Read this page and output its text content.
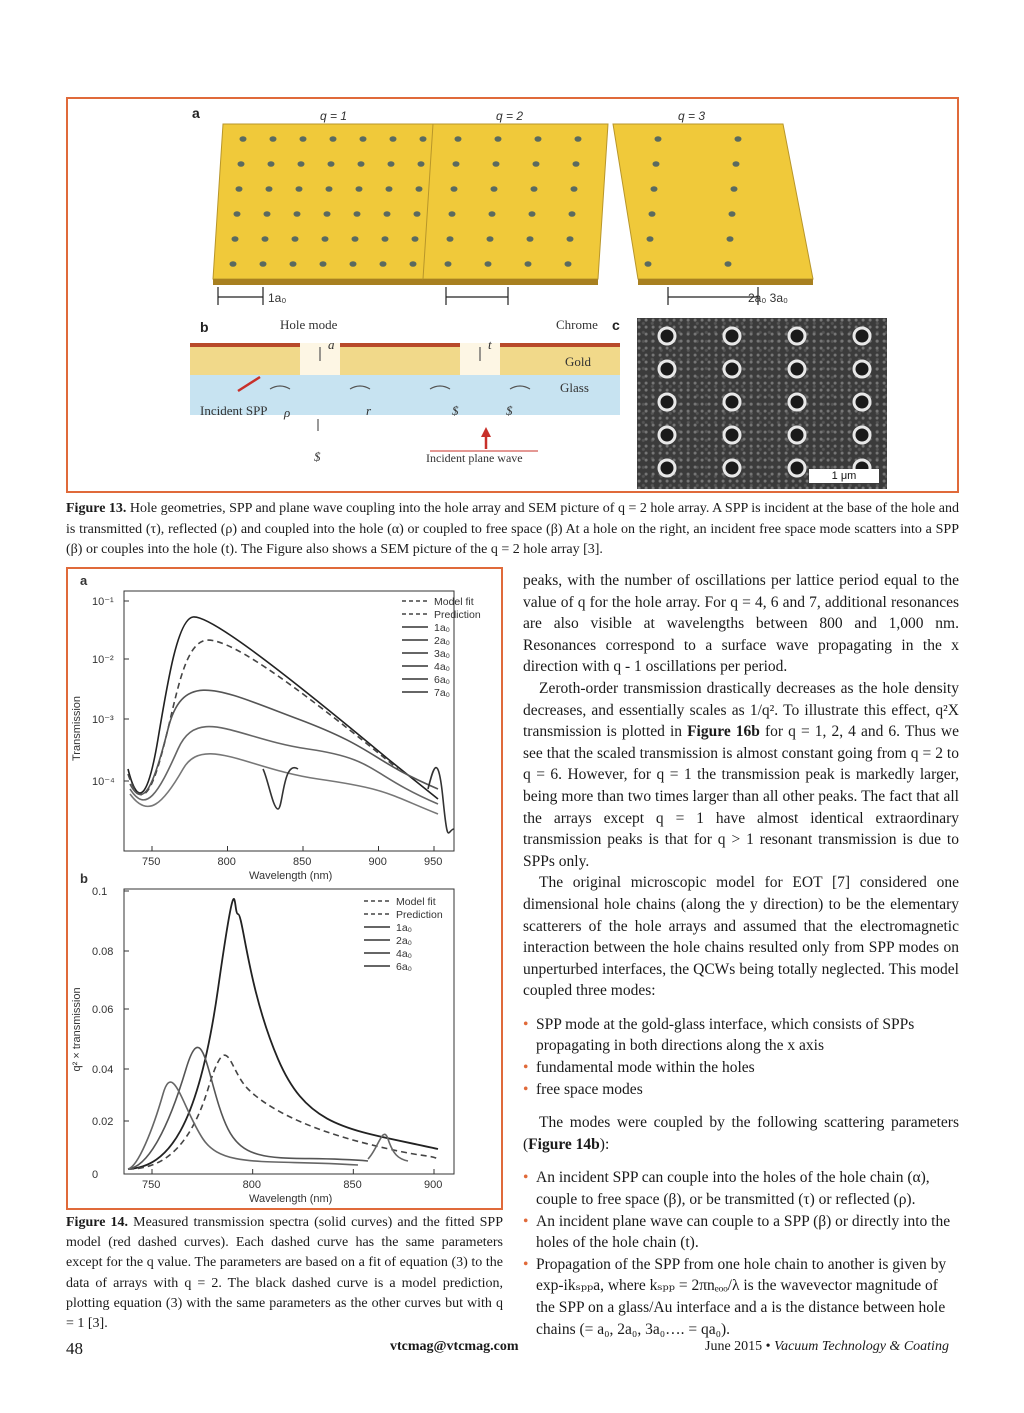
a	q = 1	q = 2	q = 3
1a₀	2a₀ 3a₀
b	Hole mode	Chrome c
Gold
Glass
Incident SPP
Incident plane wave
a	t
ρ	r
$
$	$
1 μm
Figure 13. Hole geometries, SPP and plane wave coupling into the hole array and SEM picture of q = 2 hole array. A SPP is incident at the base of the hole and is transmitted (τ), reflected (ρ) and coupled into the hole (α) or coupled to free space (β) At a hole on the right, an incident free space mode scatters into a SPP (β) or couples into the hole (t). The Figure also shows a SEM picture of the q = 2 hole array [3].
a
750	800	850	900	950
10⁻¹
10⁻²
10⁻³
10⁻⁴
Wavelength (nm)
Transmission
Model fit
Prediction
1a₀
2a₀
3a₀
4a₀
6a₀
7a₀
b
750	800	850	900
0.1
0.08
0.06
0.04
0.02
0
Wavelength (nm)
q² × transmission
Model fit
Prediction
1a₀
2a₀
4a₀
6a₀
Figure 14. Measured transmission spectra (solid curves) and the fitted SPP model (red dashed curves). Each dashed curve has the same parameters except for the q value. The parameters are based on a fit of equation (3) to the data of arrays with q = 2. The black dashed curve is a model prediction, plotting equation (3) with the same parameters as the other curves but with q = 1 [3].

peaks, with the number of oscillations per lattice period equal to the value of q for the hole array. For q = 4, 6 and 7, additional resonances are also visible at wavelengths between 800 and 1,000 nm. Resonances correspond to a surface wave propagating in the x direction with q - 1 oscillations per period.

Zeroth-order transmission drastically decreases as the hole density decreases, and essentially scales as 1/q². To illustrate this effect, q²X transmission is plotted in Figure 16b for q = 1, 2, 4 and 6. Thus we see that the scaled transmission is almost constant going from q = 2 to q = 6. However, for q = 1 the transmission peak is markedly larger, being more than two times larger than all other peaks. The fact that all the arrays except q = 1 have almost identical extraordinary transmission peaks is that for q > 1 resonant transmission is due to SPPs only.

The original microscopic model for EOT [7] considered one dimensional hole chains (along the y direction) to be the elementary scatterers of the hole arrays and assumed that the electromagnetic interaction between the hole chains resulted only from SPP modes on unperturbed interfaces, the QCWs being totally neglected. This model coupled three modes:

• SPP mode at the gold-glass interface, which consists of SPPs propagating in both directions along the x axis
• fundamental mode within the holes
• free space modes

The modes were coupled by the following scattering parameters (Figure 14b):

• An incident SPP can couple into the holes of the hole chain (α), couple to free space (β), or be transmitted (τ) or reflected (ρ).
• An incident plane wave can couple to a SPP (β) or directly into the holes of the hole chain (t).
• Propagation of the SPP from one hole chain to another is given by exp-ikₛₚₚa, where kₛₚₚ = 2πnₑₒₒ/λ is the wavevector magnitude of the SPP on a glass/Au interface and a is the distance between hole chains (= a₀, 2a₀, 3a₀…. = qa₀).
48	vtcmag@vtcmag.com	June 2015 • Vacuum Technology & Coating
